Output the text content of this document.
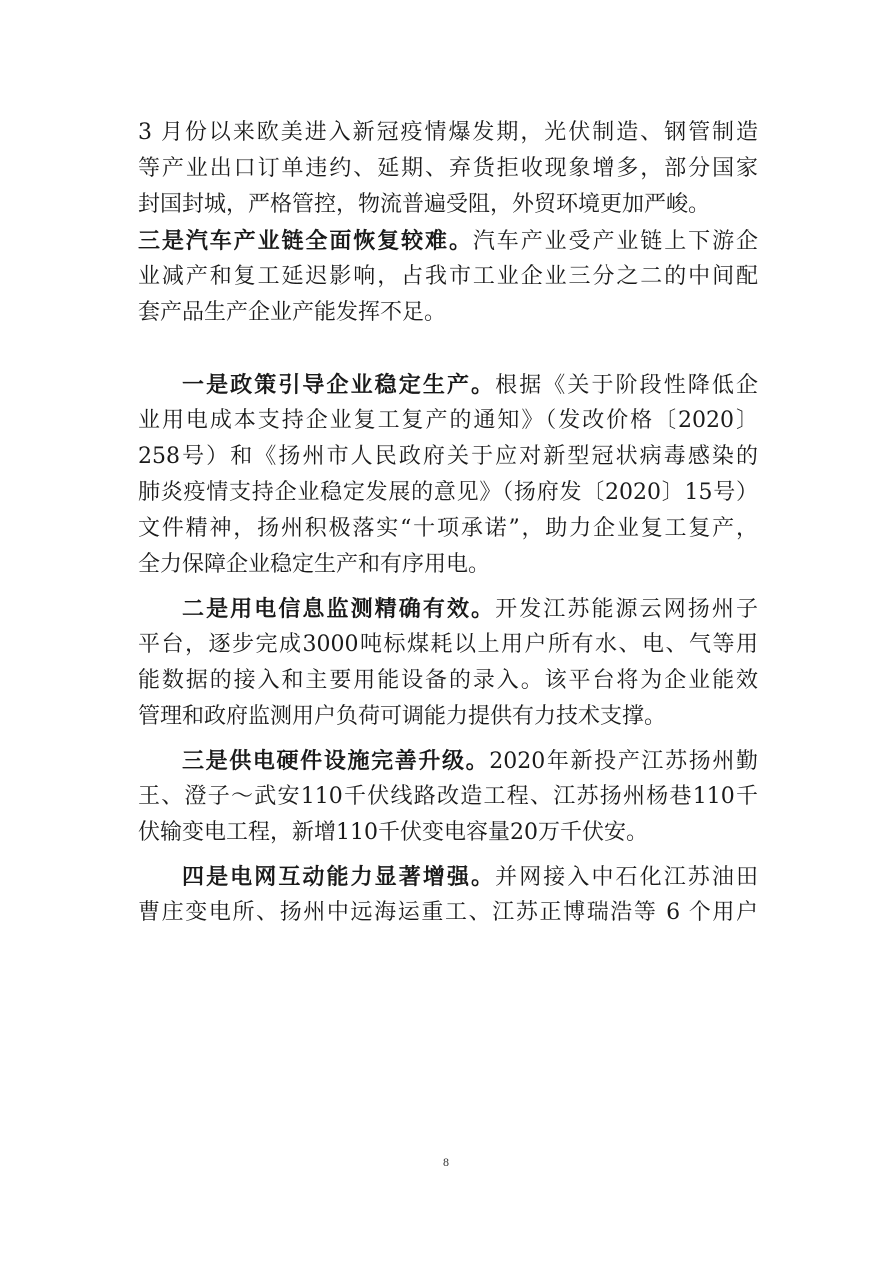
3 月份以来欧美进入新冠疫情爆发期，光伏制造、钢管制造
等产业出口订单违约、延期、弃货拒收现象增多，部分国家
封国封城，严格管控，物流普遍受阻，外贸环境更加严峻。
三是汽车产业链全面恢复较难。汽车产业受产业链上下游企
业减产和复工延迟影响，占我市工业企业三分之二的中间配
套产品生产企业产能发挥不足。
一是政策引导企业稳定生产。根据《关于阶段性降低企
业用电成本支持企业复工复产的通知》（发改价格〔2020〕
258号）和《扬州市人民政府关于应对新型冠状病毒感染的
肺炎疫情支持企业稳定发展的意见》（扬府发〔2020〕15号）
文件精神，扬州积极落实“十项承诺”，助力企业复工复产，
全力保障企业稳定生产和有序用电。
二是用电信息监测精确有效。开发江苏能源云网扬州子
平台，逐步完成3000吨标煤耗以上用户所有水、电、气等用
能数据的接入和主要用能设备的录入。该平台将为企业能效
管理和政府监测用户负荷可调能力提供有力技术支撑。
三是供电硬件设施完善升级。2020年新投产江苏扬州勤
王、澄子～武安110千伏线路改造工程、江苏扬州杨巷110千
伏输变电工程，新增110千伏变电容量20万千伏安。
四是电网互动能力显著增强。并网接入中石化江苏油田
曹庄变电所、扬州中远海运重工、江苏正博瑞浩等 6 个用户
8
